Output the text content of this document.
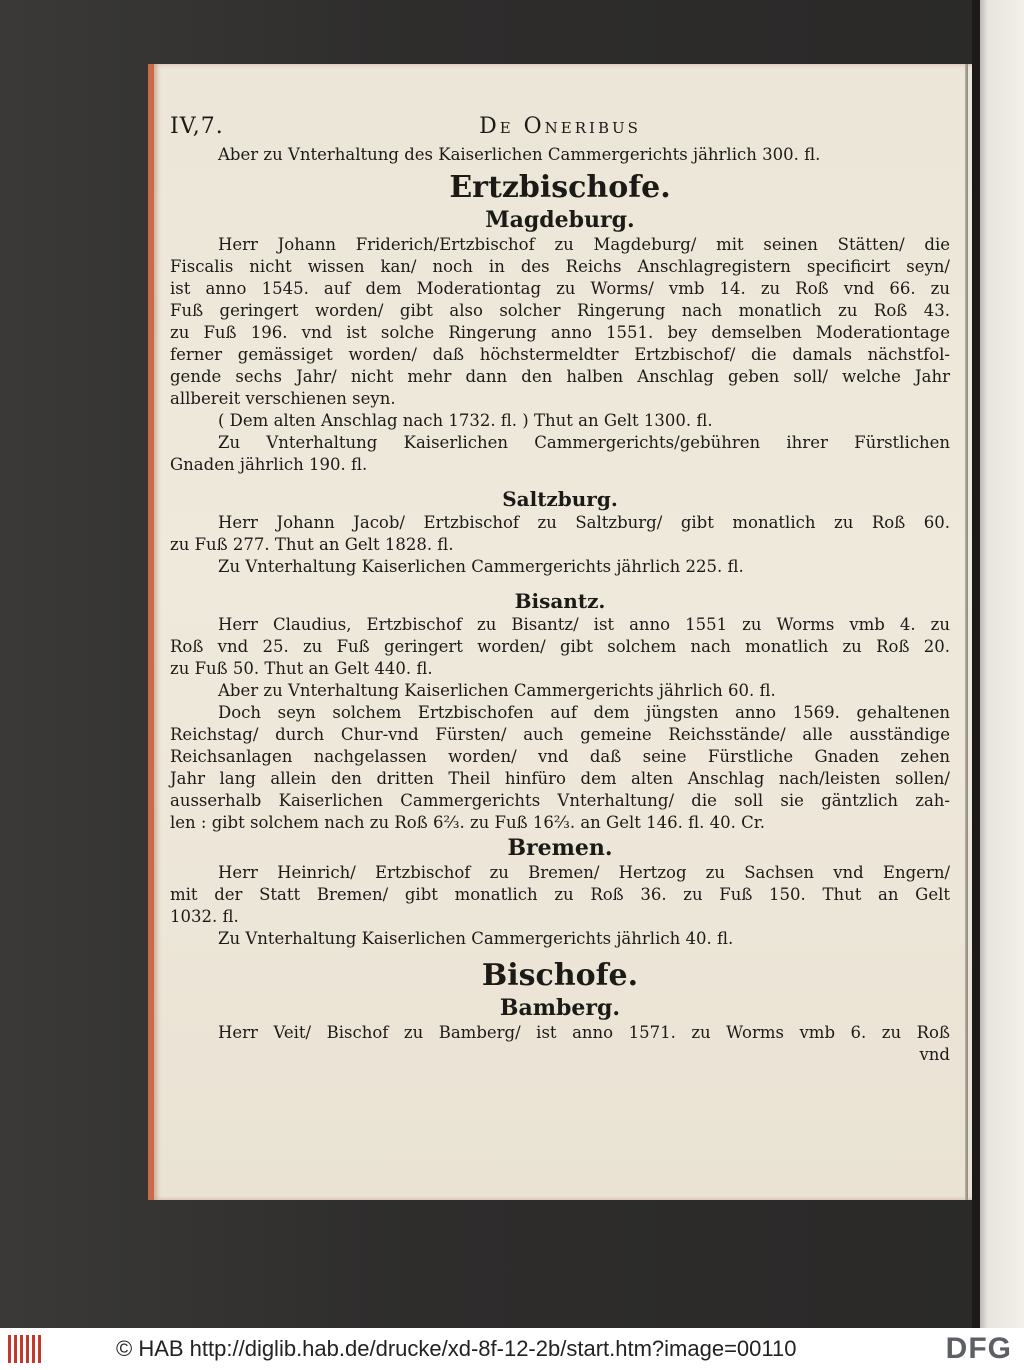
IV,7.	De Oneribus
Aber zu Vnterhaltung des Kaiserlichen Cammergerichts jährlich 300. fl.
Ertzbischofe.
Magdeburg.
Herr Johann Friderich/Ertzbischof zu Magdeburg/ mit seinen Stätten/ die
Fiscalis nicht wissen kan/ noch in des Reichs Anschlagregistern specificirt seyn/
ist anno 1545. auf dem Moderationtag zu Worms/ vmb 14. zu Roß vnd 66. zu
Fuß geringert worden/ gibt also solcher Ringerung nach monatlich zu Roß 43.
zu Fuß 196. vnd ist solche Ringerung anno 1551. bey demselben Moderationtage
ferner gemässiget worden/ daß höchstermeldter Ertzbischof/ die damals nächstfol-
gende sechs Jahr/ nicht mehr dann den halben Anschlag geben soll/ welche Jahr
allbereit verschienen seyn.
( Dem alten Anschlag nach 1732. fl. ) Thut an Gelt 1300. fl.
Zu Vnterhaltung Kaiserlichen Cammergerichts/gebühren ihrer Fürstlichen
Gnaden jährlich 190. fl.
Saltzburg.
Herr Johann Jacob/ Ertzbischof zu Saltzburg/ gibt monatlich zu Roß 60.
zu Fuß 277. Thut an Gelt 1828. fl.
Zu Vnterhaltung Kaiserlichen Cammergerichts jährlich 225. fl.
Bisantz.
Herr Claudius, Ertzbischof zu Bisantz/ ist anno 1551 zu Worms vmb 4. zu
Roß vnd 25. zu Fuß geringert worden/ gibt solchem nach monatlich zu Roß 20.
zu Fuß 50. Thut an Gelt 440. fl.
Aber zu Vnterhaltung Kaiserlichen Cammergerichts jährlich 60. fl.
Doch seyn solchem Ertzbischofen auf dem jüngsten anno 1569. gehaltenen
Reichstag/ durch Chur-vnd Fürsten/ auch gemeine Reichsstände/ alle ausständige
Reichsanlagen nachgelassen worden/ vnd daß seine Fürstliche Gnaden zehen
Jahr lang allein den dritten Theil hinfüro dem alten Anschlag nach/leisten sollen/
ausserhalb Kaiserlichen Cammergerichts Vnterhaltung/ die soll sie gäntzlich zah-
len : gibt solchem nach zu Roß 6⅔. zu Fuß 16⅔. an Gelt 146. fl. 40. Cr.
Bremen.
Herr Heinrich/ Ertzbischof zu Bremen/ Hertzog zu Sachsen vnd Engern/
mit der Statt Bremen/ gibt monatlich zu Roß 36. zu Fuß 150. Thut an Gelt
1032. fl.
Zu Vnterhaltung Kaiserlichen Cammergerichts jährlich 40. fl.
Bischofe.
Bamberg.
Herr Veit/ Bischof zu Bamberg/ ist anno 1571. zu Worms vmb 6. zu Roß
vnd
© HAB http://diglib.hab.de/drucke/xd-8f-12-2b/start.htm?image=00110	DFG
